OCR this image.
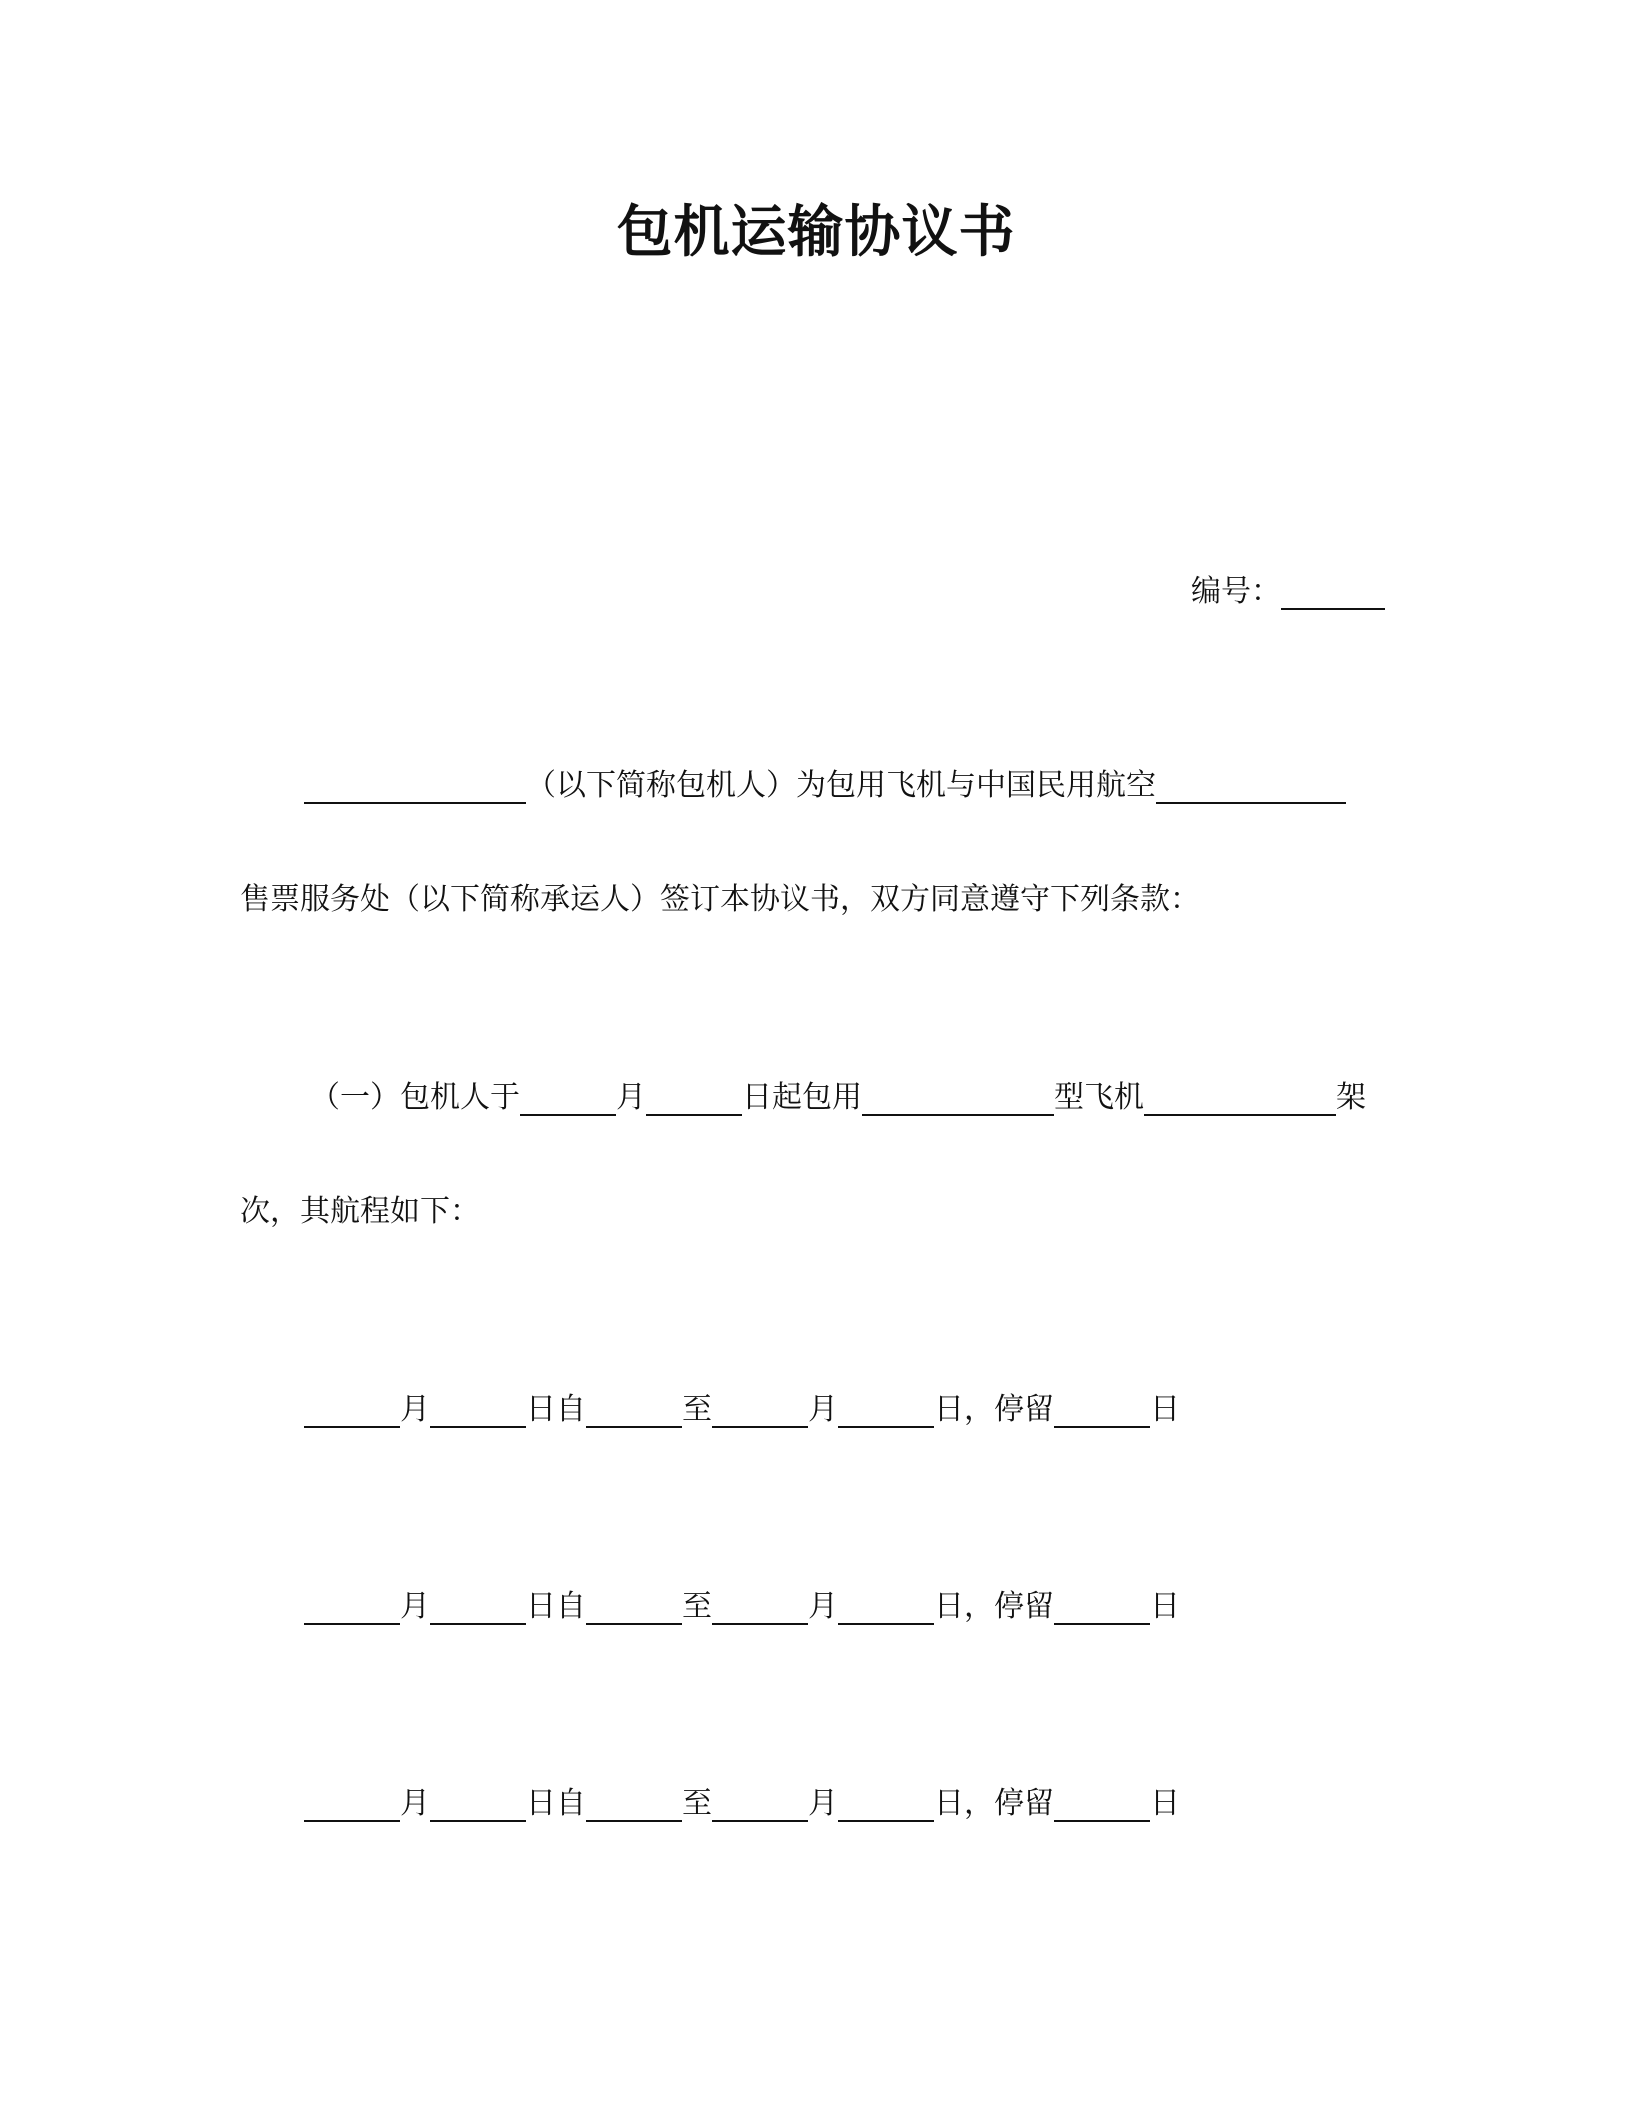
包机运输协议书
编号：
（以下简称包机人）为包用飞机与中国民用航空
售票服务处（以下简称承运人）签订本协议书，双方同意遵守下列条款：
（一）包机人于	月	日起包用	型飞机	架
次，其航程如下：
月	日自	至	月	日，停留	日
月	日自	至	月	日，停留	日
月	日自	至	月	日，停留	日
